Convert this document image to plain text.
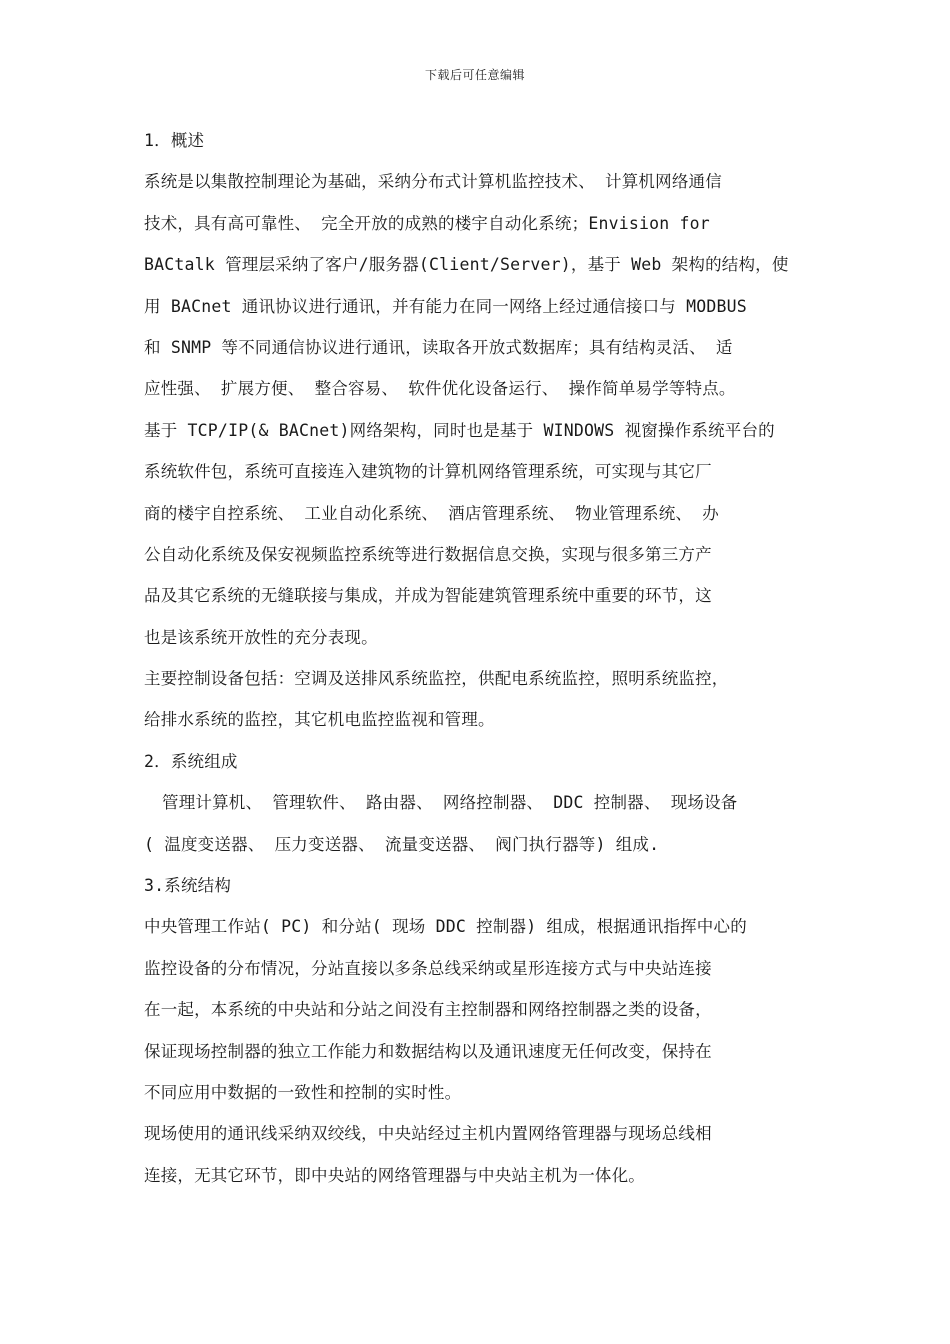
下载后可任意编辑
1．概述
系统是以集散控制理论为基础，采纳分布式计算机监控技术、 计算机网络通信
技术，具有高可靠性、 完全开放的成熟的楼宇自动化系统；Envision for
BACtalk 管理层采纳了客户/服务器(Client/Server)，基于 Web 架构的结构，使
用 BACnet 通讯协议进行通讯，并有能力在同一网络上经过通信接口与 MODBUS
和 SNMP 等不同通信协议进行通讯，读取各开放式数据库；具有结构灵活、 适
应性强、 扩展方便、 整合容易、 软件优化设备运行、 操作简单易学等特点。
基于 TCP/IP(& BACnet)网络架构，同时也是基于 WINDOWS 视窗操作系统平台的
系统软件包，系统可直接连入建筑物的计算机网络管理系统，可实现与其它厂
商的楼宇自控系统、 工业自动化系统、 酒店管理系统、 物业管理系统、 办
公自动化系统及保安视频监控系统等进行数据信息交换，实现与很多第三方产
品及其它系统的无缝联接与集成，并成为智能建筑管理系统中重要的环节，这
也是该系统开放性的充分表现。
主要控制设备包括：空调及送排风系统监控，供配电系统监控，照明系统监控，
给排水系统的监控，其它机电监控监视和管理。
2．系统组成
管理计算机、 管理软件、 路由器、 网络控制器、 DDC 控制器、 现场设备
( 温度变送器、 压力变送器、 流量变送器、 阀门执行器等) 组成.
3.系统结构
中央管理工作站( PC) 和分站( 现场 DDC 控制器) 组成，根据通讯指挥中心的
监控设备的分布情况，分站直接以多条总线采纳或星形连接方式与中央站连接
在一起，本系统的中央站和分站之间没有主控制器和网络控制器之类的设备，
保证现场控制器的独立工作能力和数据结构以及通讯速度无任何改变，保持在
不同应用中数据的一致性和控制的实时性。
现场使用的通讯线采纳双绞线，中央站经过主机内置网络管理器与现场总线相
连接，无其它环节，即中央站的网络管理器与中央站主机为一体化。
